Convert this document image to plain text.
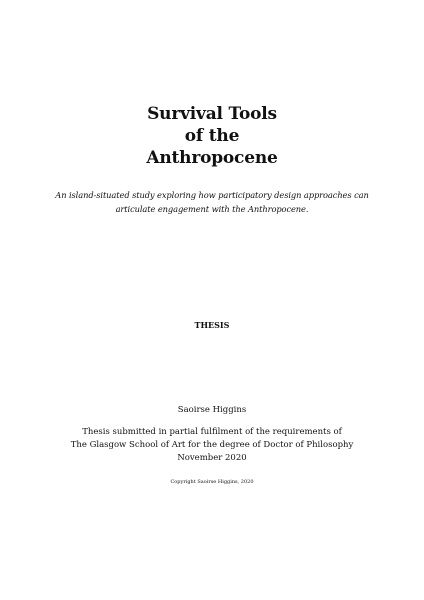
Survival Tools
of the
Anthropocene
An island-situated study exploring how participatory design approaches can
articulate engagement with the Anthropocene.
THESIS
Saoirse Higgins
Thesis submitted in partial fulfilment of the requirements of
The Glasgow School of Art for the degree of Doctor of Philosophy
November 2020
Copyright Saoirse Higgins, 2020
